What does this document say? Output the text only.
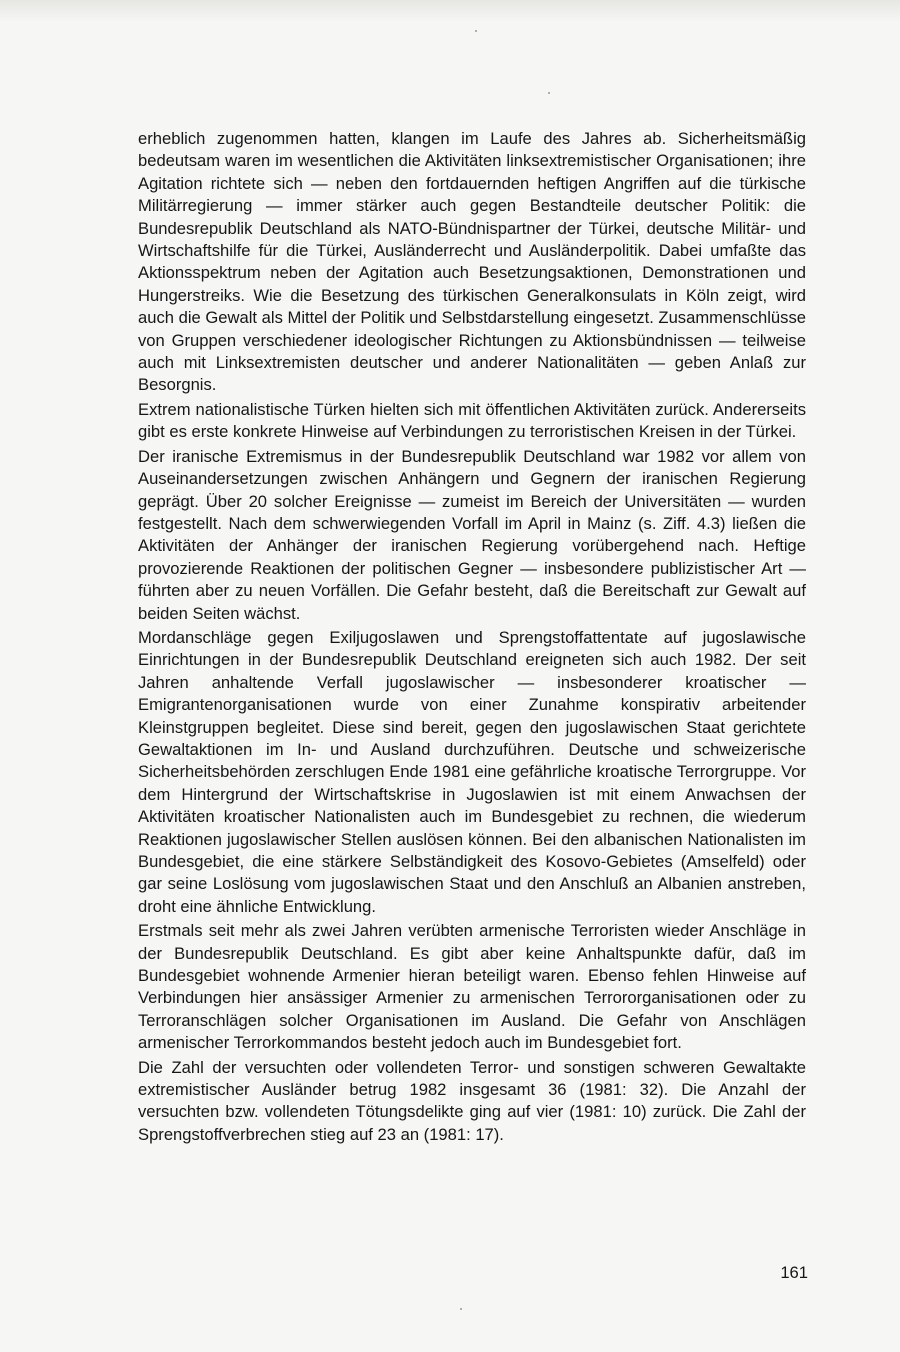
erheblich zugenommen hatten, klangen im Laufe des Jahres ab. Sicherheitsmäßig bedeutsam waren im wesentlichen die Aktivitäten linksextremistischer Organisationen; ihre Agitation richtete sich — neben den fortdauernden heftigen Angriffen auf die türkische Militärregierung — immer stärker auch gegen Bestandteile deutscher Politik: die Bundesrepublik Deutschland als NATO-Bündnispartner der Türkei, deutsche Militär- und Wirtschaftshilfe für die Türkei, Ausländerrecht und Ausländerpolitik. Dabei umfaßte das Aktionsspektrum neben der Agitation auch Besetzungsaktionen, Demonstrationen und Hungerstreiks. Wie die Besetzung des türkischen Generalkonsulats in Köln zeigt, wird auch die Gewalt als Mittel der Politik und Selbstdarstellung eingesetzt. Zusammenschlüsse von Gruppen verschiedener ideologischer Richtungen zu Aktionsbündnissen — teilweise auch mit Linksextremisten deutscher und anderer Nationalitäten — geben Anlaß zur Besorgnis.

Extrem nationalistische Türken hielten sich mit öffentlichen Aktivitäten zurück. Andererseits gibt es erste konkrete Hinweise auf Verbindungen zu terroristischen Kreisen in der Türkei.

Der iranische Extremismus in der Bundesrepublik Deutschland war 1982 vor allem von Auseinandersetzungen zwischen Anhängern und Gegnern der iranischen Regierung geprägt. Über 20 solcher Ereignisse — zumeist im Bereich der Universitäten — wurden festgestellt. Nach dem schwerwiegenden Vorfall im April in Mainz (s. Ziff. 4.3) ließen die Aktivitäten der Anhänger der iranischen Regierung vorübergehend nach. Heftige provozierende Reaktionen der politischen Gegner — insbesondere publizistischer Art — führten aber zu neuen Vorfällen. Die Gefahr besteht, daß die Bereitschaft zur Gewalt auf beiden Seiten wächst.

Mordanschläge gegen Exiljugoslawen und Sprengstoffattentate auf jugoslawische Einrichtungen in der Bundesrepublik Deutschland ereigneten sich auch 1982. Der seit Jahren anhaltende Verfall jugoslawischer — insbesonderer kroatischer — Emigrantenorganisationen wurde von einer Zunahme konspirativ arbeitender Kleinstgruppen begleitet. Diese sind bereit, gegen den jugoslawischen Staat gerichtete Gewaltaktionen im In- und Ausland durchzuführen. Deutsche und schweizerische Sicherheitsbehörden zerschlugen Ende 1981 eine gefährliche kroatische Terrorgruppe. Vor dem Hintergrund der Wirtschaftskrise in Jugoslawien ist mit einem Anwachsen der Aktivitäten kroatischer Nationalisten auch im Bundesgebiet zu rechnen, die wiederum Reaktionen jugoslawischer Stellen auslösen können. Bei den albanischen Nationalisten im Bundesgebiet, die eine stärkere Selbständigkeit des Kosovo-Gebietes (Amselfeld) oder gar seine Loslösung vom jugoslawischen Staat und den Anschluß an Albanien anstreben, droht eine ähnliche Entwicklung.

Erstmals seit mehr als zwei Jahren verübten armenische Terroristen wieder Anschläge in der Bundesrepublik Deutschland. Es gibt aber keine Anhaltspunkte dafür, daß im Bundesgebiet wohnende Armenier hieran beteiligt waren. Ebenso fehlen Hinweise auf Verbindungen hier ansässiger Armenier zu armenischen Terrororganisationen oder zu Terroranschlägen solcher Organisationen im Ausland. Die Gefahr von Anschlägen armenischer Terrorkommandos besteht jedoch auch im Bundesgebiet fort.

Die Zahl der versuchten oder vollendeten Terror- und sonstigen schweren Gewaltakte extremistischer Ausländer betrug 1982 insgesamt 36 (1981: 32). Die Anzahl der versuchten bzw. vollendeten Tötungsdelikte ging auf vier (1981: 10) zurück. Die Zahl der Sprengstoffverbrechen stieg auf 23 an (1981: 17).

161
